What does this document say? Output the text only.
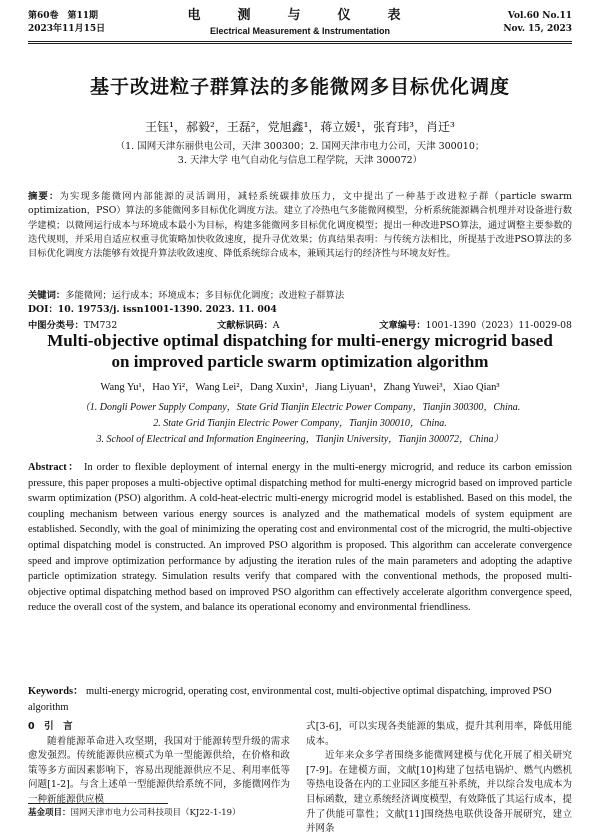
第60卷　第11期
2023年11月15日
电　测　与　仪　表
Electrical Measurement & Instrumentation
Vol.60 No.11
Nov. 15, 2023
基于改进粒子群算法的多能微网多目标优化调度
王钰¹，郝毅²，王磊²，党旭鑫¹，蒋立媛¹，张育玮³，肖迁³
（1. 国网天津东丽供电公司，天津 300300；2. 国网天津市电力公司，天津 300010；
3. 天津大学 电气自动化与信息工程学院，天津 300072）
摘要：为实现多能微网内部能源的灵活调用，减轻系统碳排放压力，文中提出了一种基于改进粒子群（particle swarm optimization，PSO）算法的多能微网多目标优化调度方法。建立了冷热电气多能微网模型，分析系统能源耦合机理并对设备进行数学建模；以微网运行成本与环境成本最小为目标，构建多能微网多目标优化调度模型；提出一种改进PSO算法，通过调整主要参数的迭代规则，并采用自适应权重寻优策略加快收敛速度，提升寻优效果；仿真结果表明：与传统方法相比，所提基于改进PSO算法的多目标优化调度方法能够有效提升算法收敛速度、降低系统综合成本，兼顾其运行的经济性与环境友好性。
关键词：多能微网；运行成本；环境成本；多目标优化调度；改进粒子群算法
DOI：10. 19753/j. issn1001-1390. 2023. 11. 004
中图分类号：TM732	文献标识码：A	文章编号：1001-1390（2023）11-0029-08
Multi-objective optimal dispatching for multi-energy microgrid based on improved particle swarm optimization algorithm
Wang Yu¹，Hao Yi²，Wang Lei²，Dang Xuxin¹，Jiang Liyuan¹，Zhang Yuwei³，Xiao Qian³
（1. Dongli Power Supply Company，State Grid Tianjin Electric Power Company，Tianjin 300300，China.
2. State Grid Tianjin Electric Power Company，Tianjin 300010，China.
3. School of Electrical and Information Engineering，Tianjin University，Tianjin 300072，China）
Abstract： In order to flexible deployment of internal energy in the multi-energy microgrid, and reduce its carbon emission pressure, this paper proposes a multi-objective optimal dispatching method for multi-energy microgrid based on improved particle swarm optimization (PSO) algorithm. A cold-heat-electric multi-energy microgrid model is established. Based on this model, the coupling mechanism between various energy sources is analyzed and the mathematical models of system equipment are established. Secondly, with the goal of minimizing the operating cost and environmental cost of the microgrid, the multi-objective optimal dispatching model is constructed. An improved PSO algorithm is proposed. This algorithm can accelerate convergence speed and improve optimization performance by adjusting the iteration rules of the main parameters and adopting the adaptive particle optimization strategy. Simulation results verify that compared with the conventional methods, the proposed multi-objective optimal dispatching method based on improved PSO algorithm can effectively accelerate algorithm convergence speed, reduce the overall cost of the system, and balance its operational economy and environmental friendliness.
Keywords： multi-energy microgrid, operating cost, environmental cost, multi-objective optimal dispatching, improved PSO algorithm
0　引　言
随着能源革命进入攻坚期，我国对于能源转型升级的需求愈发强烈。传统能源供应模式为单一型能源供给，在价格和政策等多方面因素影响下，容易出现能源供应不足、利用率低等问题[1-2]。与含上述单一型能源供给系统不同，多能微网作为一种新能源供应模
式[3-6]，可以实现各类能源的集成，提升其利用率，降低用能成本。
近年来众多学者围绕多能微网建模与优化开展了相关研究[7-9]。在建模方面，文献[10]构建了包括电锅炉、燃气内燃机等热电设备在内的工业园区多能互补系统，并以综合发电成本为目标函数，建立系统经济调度模型，有效降低了其运行成本，提升了供能可靠性；文献[11]围绕热电联供设备开展研究，建立并网条
基金项目：国网天津市电力公司科技项目（KJ22-1-19）
